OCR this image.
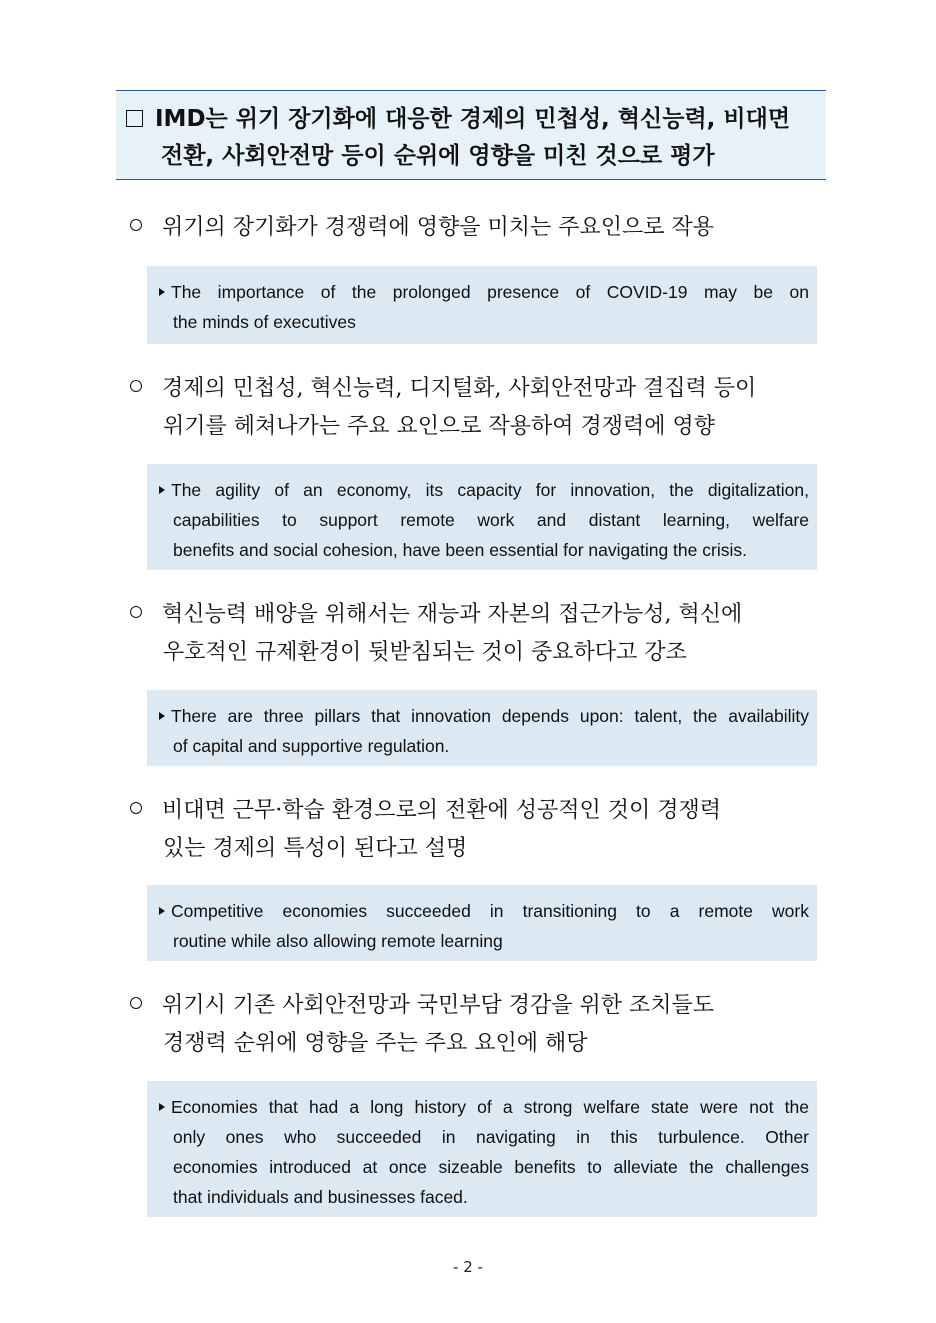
IMD는 위기 장기화에 대응한 경제의 민첩성, 혁신능력, 비대면
전환, 사회안전망 등이 순위에 영향을 미친 것으로 평가
위기의 장기화가 경쟁력에 영향을 미치는 주요인으로 작용
The importance of the prolonged presence of COVID-19 may be on
the minds of executives
경제의 민첩성, 혁신능력, 디지털화, 사회안전망과 결집력 등이
위기를 헤쳐나가는 주요 요인으로 작용하여 경쟁력에 영향
The agility of an economy, its capacity for innovation, the digitalization,
capabilities to support remote work and distant learning, welfare
benefits and social cohesion, have been essential for navigating the crisis.
혁신능력 배양을 위해서는 재능과 자본의 접근가능성, 혁신에
우호적인 규제환경이 뒷받침되는 것이 중요하다고 강조
There are three pillars that innovation depends upon: talent, the availability
of capital and supportive regulation.
비대면 근무·학습 환경으로의 전환에 성공적인 것이 경쟁력
있는 경제의 특성이 된다고 설명
Competitive economies succeeded in transitioning to a remote work
routine while also allowing remote learning
위기시 기존 사회안전망과 국민부담 경감을 위한 조치들도
경쟁력 순위에 영향을 주는 주요 요인에 해당
Economies that had a long history of a strong welfare state were not the
only ones who succeeded in navigating in this turbulence. Other
economies introduced at once sizeable benefits to alleviate the challenges
that individuals and businesses faced.
- 2 -
